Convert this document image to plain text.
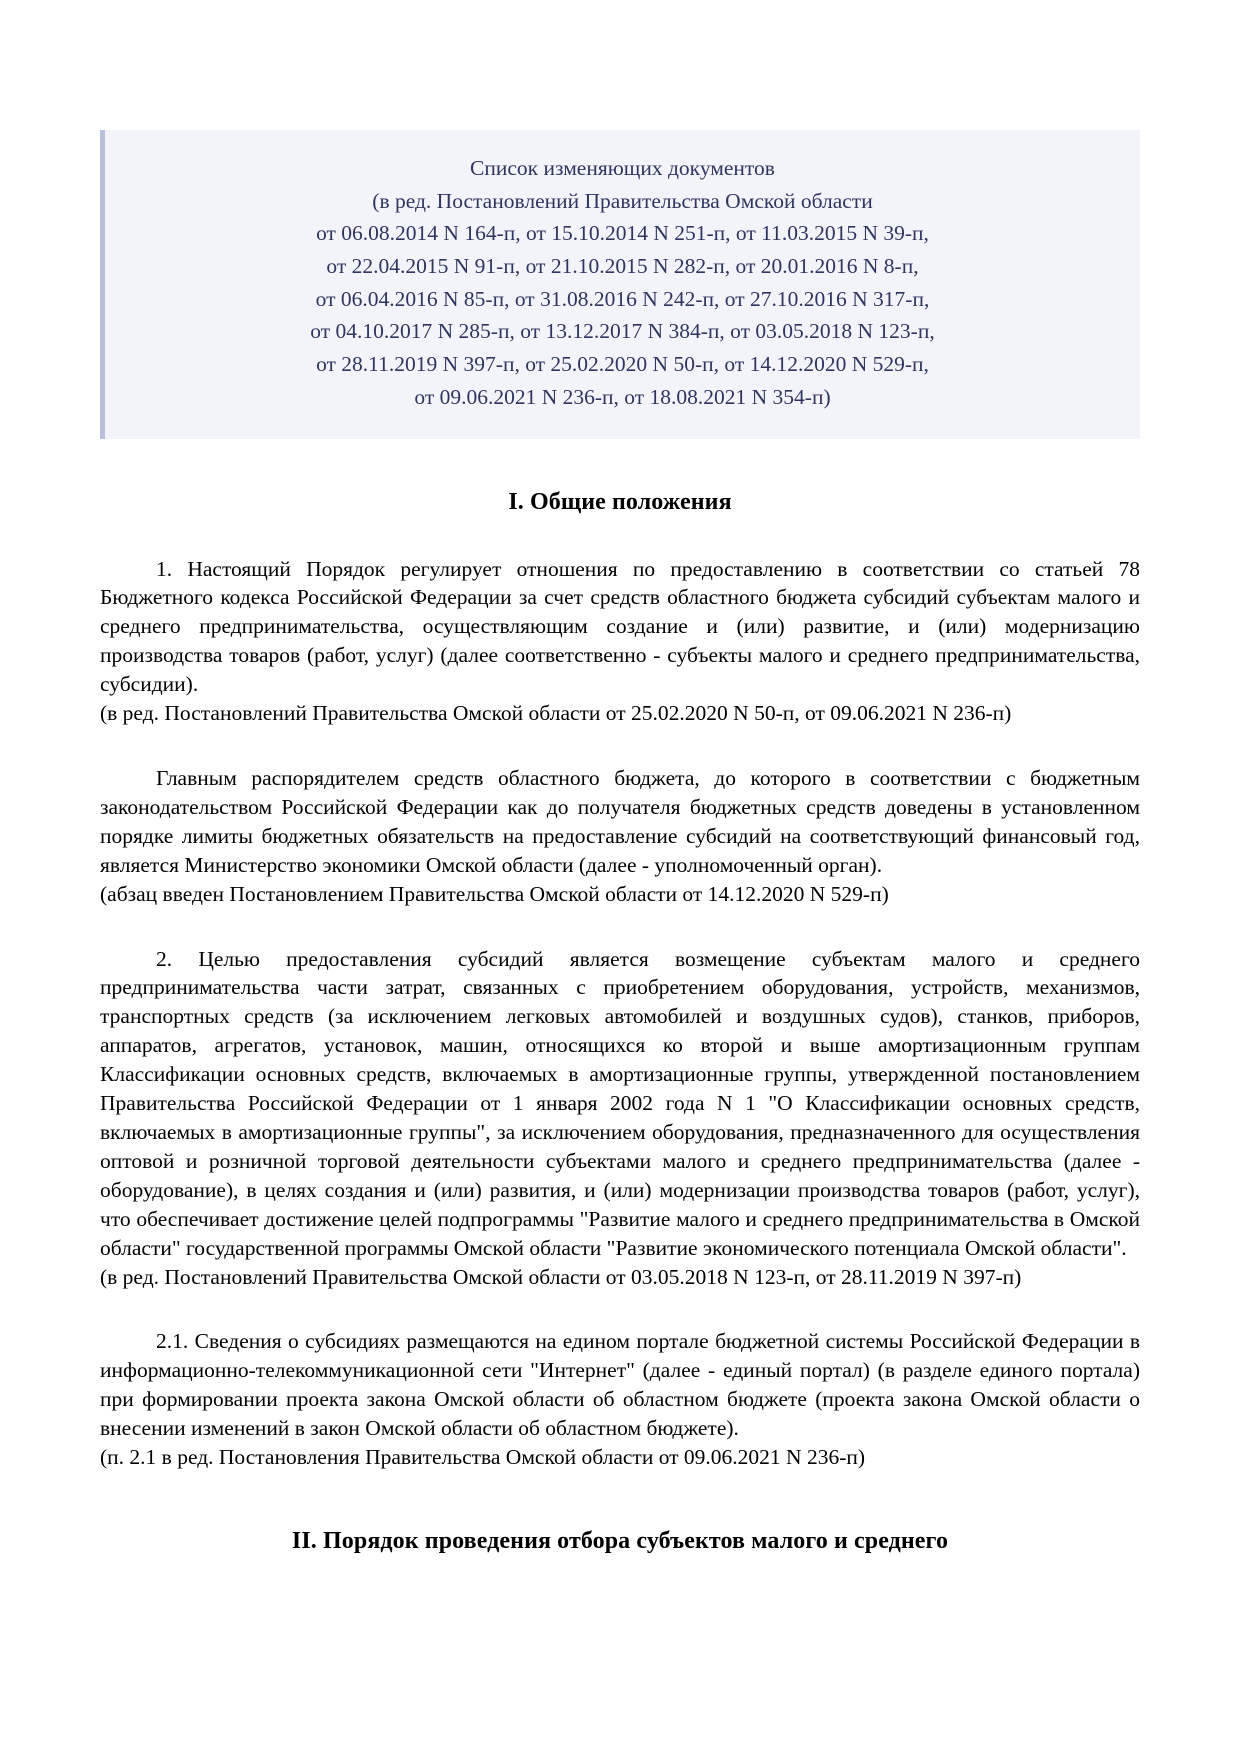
Список изменяющих документов
(в ред. Постановлений Правительства Омской области
от 06.08.2014 N 164-п, от 15.10.2014 N 251-п, от 11.03.2015 N 39-п,
от 22.04.2015 N 91-п, от 21.10.2015 N 282-п, от 20.01.2016 N 8-п,
от 06.04.2016 N 85-п, от 31.08.2016 N 242-п, от 27.10.2016 N 317-п,
от 04.10.2017 N 285-п, от 13.12.2017 N 384-п, от 03.05.2018 N 123-п,
от 28.11.2019 N 397-п, от 25.02.2020 N 50-п, от 14.12.2020 N 529-п,
от 09.06.2021 N 236-п, от 18.08.2021 N 354-п)
I. Общие положения

1. Настоящий Порядок регулирует отношения по предоставлению в соответствии со статьей 78 Бюджетного кодекса Российской Федерации за счет средств областного бюджета субсидий субъектам малого и среднего предпринимательства, осуществляющим создание и (или) развитие, и (или) модернизацию производства товаров (работ, услуг) (далее соответственно - субъекты малого и среднего предпринимательства, субсидии).

(в ред. Постановлений Правительства Омской области от 25.02.2020 N 50-п, от 09.06.2021 N 236-п)

Главным распорядителем средств областного бюджета, до которого в соответствии с бюджетным законодательством Российской Федерации как до получателя бюджетных средств доведены в установленном порядке лимиты бюджетных обязательств на предоставление субсидий на соответствующий финансовый год, является Министерство экономики Омской области (далее - уполномоченный орган).

(абзац введен Постановлением Правительства Омской области от 14.12.2020 N 529-п)

2. Целью предоставления субсидий является возмещение субъектам малого и среднего предпринимательства части затрат, связанных с приобретением оборудования, устройств, механизмов, транспортных средств (за исключением легковых автомобилей и воздушных судов), станков, приборов, аппаратов, агрегатов, установок, машин, относящихся ко второй и выше амортизационным группам Классификации основных средств, включаемых в амортизационные группы, утвержденной постановлением Правительства Российской Федерации от 1 января 2002 года N 1 "О Классификации основных средств, включаемых в амортизационные группы", за исключением оборудования, предназначенного для осуществления оптовой и розничной торговой деятельности субъектами малого и среднего предпринимательства (далее - оборудование), в целях создания и (или) развития, и (или) модернизации производства товаров (работ, услуг), что обеспечивает достижение целей подпрограммы "Развитие малого и среднего предпринимательства в Омской области" государственной программы Омской области "Развитие экономического потенциала Омской области".

(в ред. Постановлений Правительства Омской области от 03.05.2018 N 123-п, от 28.11.2019 N 397-п)

2.1. Сведения о субсидиях размещаются на едином портале бюджетной системы Российской Федерации в информационно-телекоммуникационной сети "Интернет" (далее - единый портал) (в разделе единого портала) при формировании проекта закона Омской области об областном бюджете (проекта закона Омской области о внесении изменений в закон Омской области об областном бюджете).

(п. 2.1 в ред. Постановления Правительства Омской области от 09.06.2021 N 236-п)

II. Порядок проведения отбора субъектов малого и среднего
